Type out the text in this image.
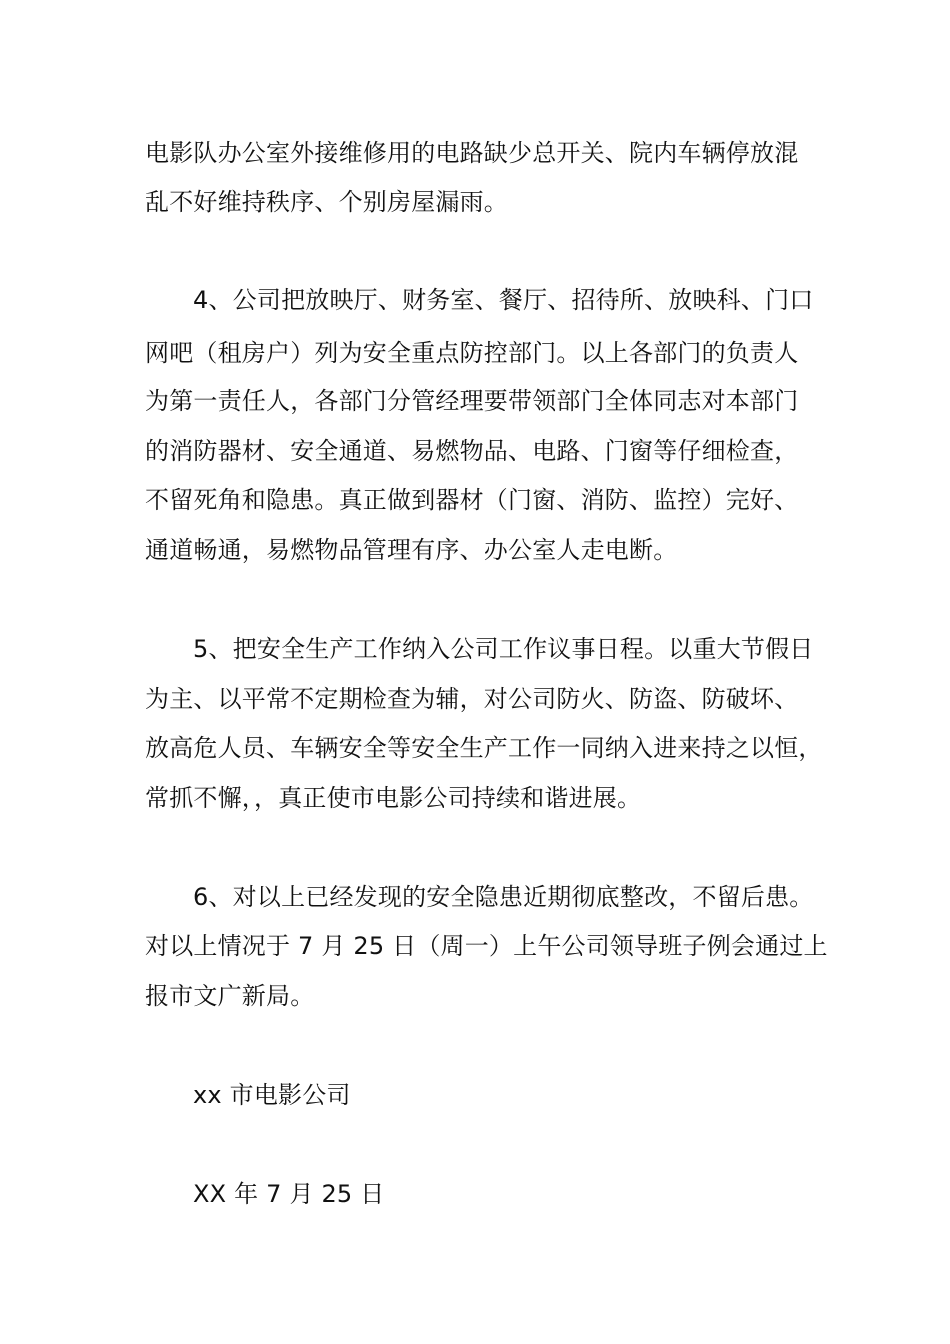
电影队办公室外接维修用的电路缺少总开关、院内车辆停放混
乱不好维持秩序、个别房屋漏雨。
4、公司把放映厅、财务室、餐厅、招待所、放映科、门口
网吧（租房户）列为安全重点防控部门。以上各部门的负责人
为第一责任人，各部门分管经理要带领部门全体同志对本部门
的消防器材、安全通道、易燃物品、电路、门窗等仔细检查，
不留死角和隐患。真正做到器材（门窗、消防、监控）完好、
通道畅通，易燃物品管理有序、办公室人走电断。
5、把安全生产工作纳入公司工作议事日程。以重大节假日
为主、以平常不定期检查为辅，对公司防火、防盗、防破坏、
放高危人员、车辆安全等安全生产工作一同纳入进来持之以恒，
常抓不懈，，真正使市电影公司持续和谐进展。
6、对以上已经发现的安全隐患近期彻底整改，不留后患。
对以上情况于 7 月 25 日（周一）上午公司领导班子例会通过上
报市文广新局。
xx 市电影公司
XX 年 7 月 25 日
